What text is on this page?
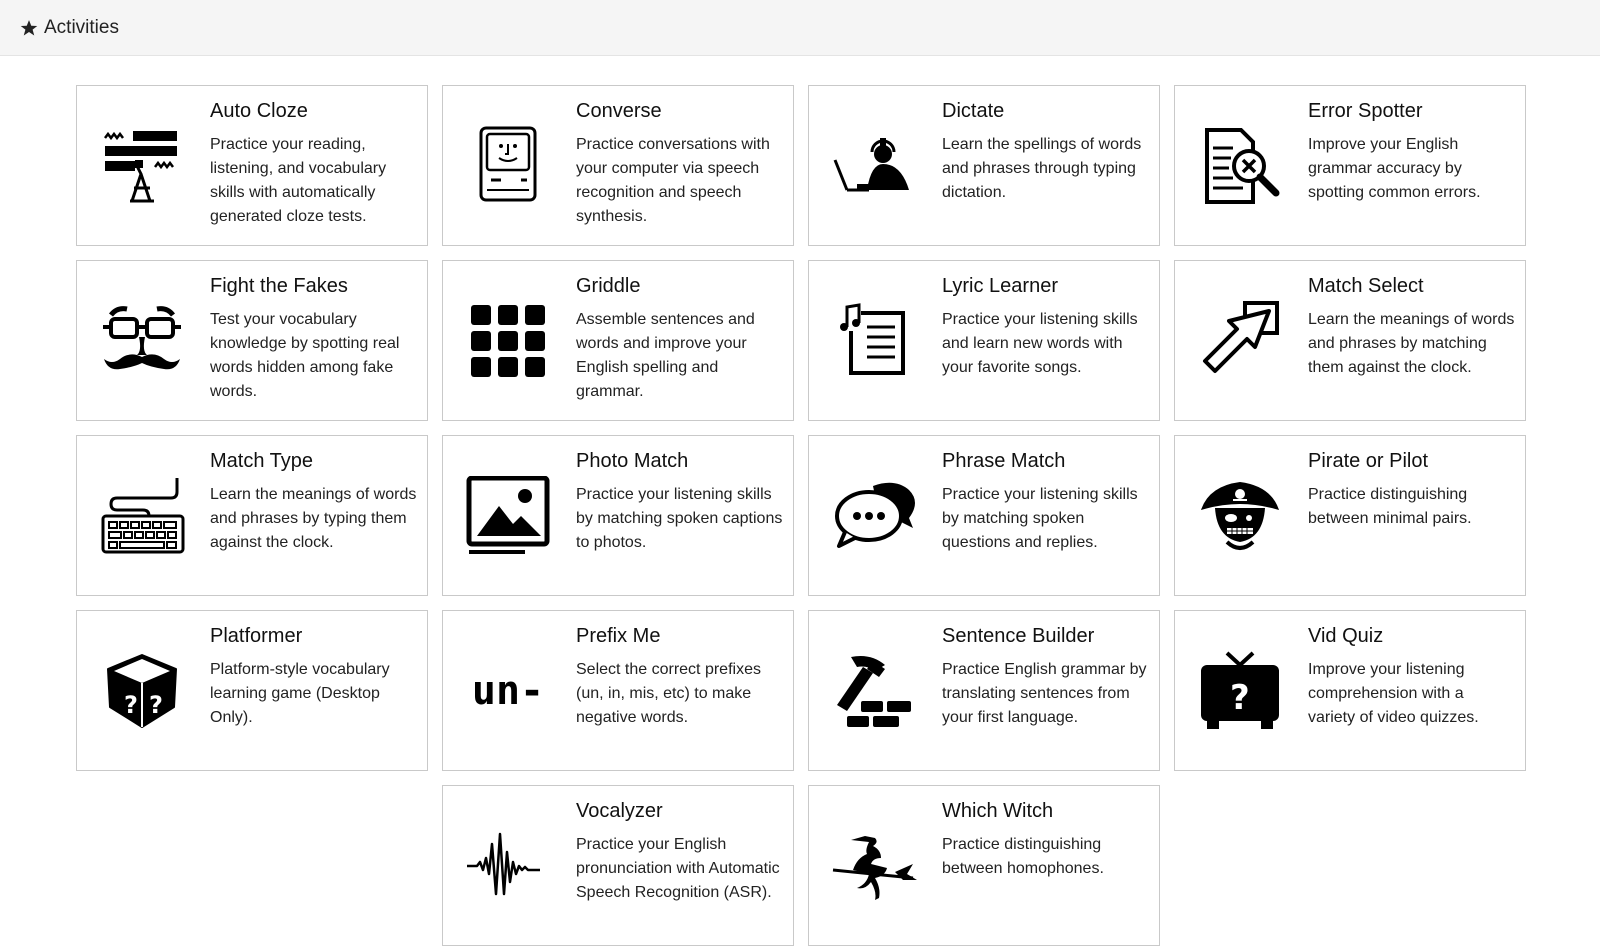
Activities
Auto Cloze

Practice your reading, listening, and vocabulary skills with automatically generated cloze tests.

Converse

Practice conversations with your computer via speech recognition and speech synthesis.

Dictate

Learn the spellings of words and phrases through typing dictation.

Error Spotter

Improve your English grammar accuracy by spotting common errors.

Fight the Fakes

Test your vocabulary knowledge by spotting real words hidden among fake words.

Griddle

Assemble sentences and words and improve your English spelling and grammar.

Lyric Learner

Practice your listening skills and learn new words with your favorite songs.

Match Select

Learn the meanings of words and phrases by matching them against the clock.

Match Type

Learn the meanings of words and phrases by typing them against the clock.

Photo Match

Practice your listening skills by matching spoken captions to photos.

Phrase Match

Practice your listening skills by matching spoken questions and replies.

Pirate or Pilot

Practice distinguishing between minimal pairs.

? ?
Platformer

Platform-style vocabulary learning game (Desktop Only).

un-
Prefix Me

Select the correct prefixes (un, in, mis, etc) to make negative words.

Sentence Builder

Practice English grammar by translating sentences from your first language.	?
Vid Quiz

Improve your listening comprehension with a variety of video quizzes.

Vocalyzer

Practice your English pronunciation with Automatic Speech Recognition (ASR).

Which Witch

Practice distinguishing between homophones.
